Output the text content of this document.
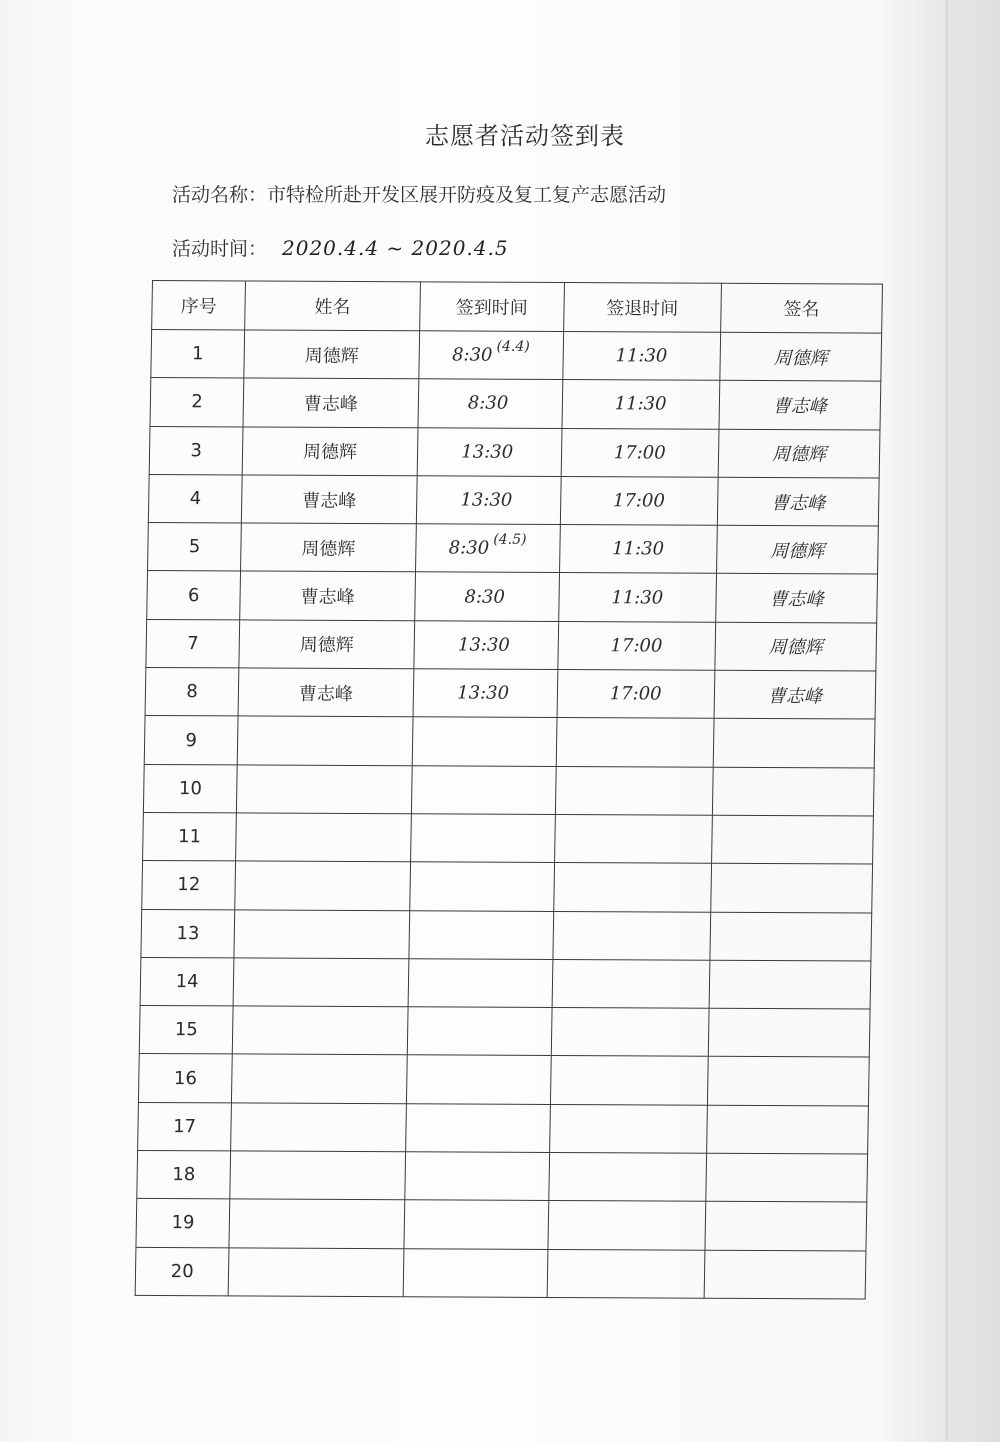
志愿者活动签到表
活动名称：市特检所赴开发区展开防疫及复工复产志愿活动
活动时间： 2020.4.4 ~ 2020.4.5
序号	姓名	签到时间	签退时间	签名
1	周德辉	8:30 $^{(4.4)}$	11:30	周德辉
2	曹志峰	8:30	11:30	曹志峰
3	周德辉	13:30	17:00	周德辉
4	曹志峰	13:30	17:00	曹志峰
5	周德辉	8:30 $^{(4.5)}$	11:30	周德辉
6	曹志峰	8:30	11:30	曹志峰
7	周德辉	13:30	17:00	周德辉
8	曹志峰	13:30	17:00	曹志峰
9				
10				
11				
12				
13				
14				
15				
16				
17				
18				
19				
20				
